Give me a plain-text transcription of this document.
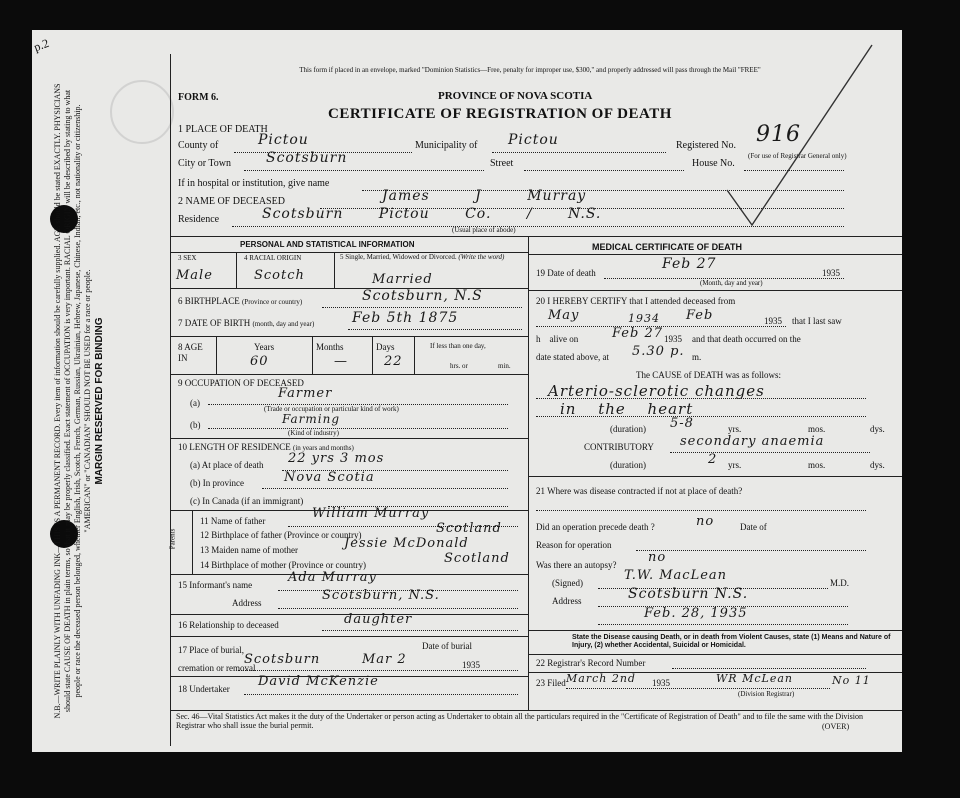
p.2
N.B.—WRITE PLAINLY WITH UNFADING INK—THIS IS A PERMANENT RECORD. Every item of information should be carefully supplied. AGE should be stated EXACTLY. PHYSICIANS should state CAUSE OF DEATH in plain terms, so that it may be properly classified. Exact statement of OCCUPATION is very important. RACIAL ORIGIN will be described by stating to what people or race the deceased person belonged, whether English, Irish, Scotch, French, German, Russian, Ukrainian, Hebrew, Japanese, Chinese, Indian, etc., not nationality or citizenship. "AMERICAN" or "CANADIAN" SHOULD NOT BE USED for a race or people. MARGIN RESERVED FOR BINDING
This form if placed in an envelope, marked "Dominion Statistics—Free, penalty for improper use, $300," and properly addressed will pass through the Mail "FREE"
FORM 6.	PROVINCE OF NOVA SCOTIA
CERTIFICATE OF REGISTRATION OF DEATH
1 PLACE OF DEATH
County of	Pictou	Municipality of Pictou	Registered No. 916
(For use of Registrar General only)
City or Town Scotsburn	Street	House No.
If in hospital or institution, give name
2 NAME OF DECEASED	James J Murray
Residence	Scotsburn Pictou Co. / N.S.
(Usual place of abode)
PERSONAL AND STATISTICAL INFORMATION
3 SEX	4 RACIAL ORIGIN	5 Single, Married, Widowed or Divorced. (Write the word)
Male	Scotch	Married
6 BIRTHPLACE (Province or country)	Scotsburn, N.S
7 DATE OF BIRTH (month, day and year)	Feb 5th 1875
8 AGE IN
Years	Months	Days	If less than one day,
60	—	22	hrs. or	min.
9 OCCUPATION OF DECEASED
(a)
Farmer
(Trade or occupation or particular kind of work)
(b)	Farming
(Kind of industry)
10 LENGTH OF RESIDENCE (in years and months)
(a) At place of death 22 yrs 3 mos
(b) In province	Nova Scotia
(c) In Canada (if an immigrant)
Parents
11 Name of father	William Murray
12 Birthplace of father (Province or country)	Scotland
13 Maiden name of mother	Jessie McDonald
14 Birthplace of mother (Province or country)	Scotland
15 Informant's name	Ada Murray
Address	Scotsburn, N.S.
16 Relationship to deceased	daughter
17 Place of burial, cremation or removal
Date of burial
Scotsburn	Mar 2	1935
18 Undertaker David McKenzie
MEDICAL CERTIFICATE OF DEATH
19 Date of death
Feb 27
1935
(Month, day and year)
20 I HEREBY CERTIFY that I attended deceased from
May	1934 Feb	1935 that I last saw
h alive on	Feb 27 1935 and that death occurred on the
date stated above, at 5.30 p. m.
The CAUSE of DEATH was as follows:
Arterio-sclerotic changes
in the heart
(duration) 5-8	yrs.	mos.	dys.
CONTRIBUTORY secondary anaemia
(duration)	2 yrs.	mos.	dys.
21 Where was disease contracted if not at place of death?
Did an operation precede death ?	no	Date of
Reason for operation
Was there an autopsy? no
(Signed)	T.W. MacLean	M.D.
Address	Scotsburn N.S.
Feb. 28, 1935
State the Disease causing Death, or in death from Violent Causes, state (1) Means and Nature of Injury, (2) whether Accidental, Suicidal or Homicidal.
22 Registrar's Record Number
23 Filed March 2nd 1935	WR McLean
(Division Registrar)
No 11
Sec. 46—Vital Statistics Act makes it the duty of the Undertaker or person acting as Undertaker to obtain all the particulars required in the "Certificate of Registration of Death" and to file the same with the Division Registrar who shall issue the burial permit.	(OVER)
